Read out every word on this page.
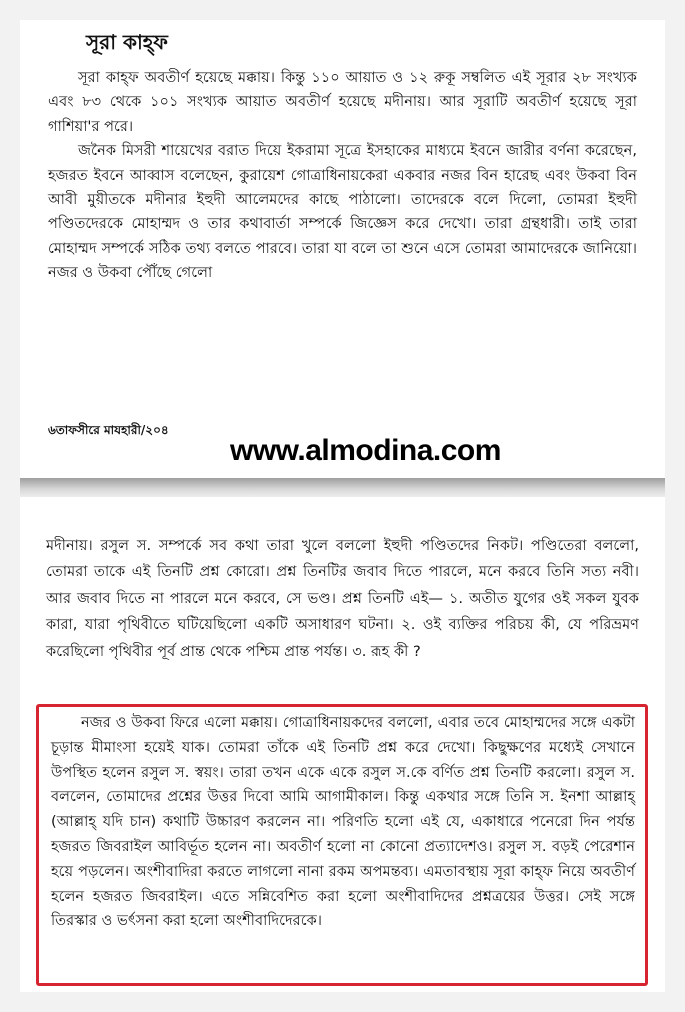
সূরা কাহ্‌ফ

সূরা কাহ্‌ফ অবতীর্ণ হয়েছে মক্কায়। কিন্তু ১১০ আয়াত ও ১২ রুকূ সম্বলিত এই সূরার ২৮ সংখ্যক এবং ৮৩ থেকে ১০১ সংখ্যক আয়াত অবতীর্ণ হয়েছে মদীনায়। আর সূরাটি অবতীর্ণ হয়েছে সূরা গাশিয়া'র পরে।

জনৈক মিসরী শায়েখের বরাত দিয়ে ইকরামা সূত্রে ইসহাকের মাধ্যমে ইবনে জারীর বর্ণনা করেছেন, হজরত ইবনে আব্বাস বলেছেন, কুরায়েশ গোত্রাধিনায়কেরা একবার নজর বিন হারেছ এবং উকবা বিন আবী মুয়ীতকে মদীনার ইহুদী আলেমদের কাছে পাঠালো। তাদেরকে বলে দিলো, তোমরা ইহুদী পণ্ডিতদেরকে মোহাম্মদ ও তার কথাবার্তা সম্পর্কে জিজ্ঞেস করে দেখো। তারা গ্রন্থধারী। তাই তারা মোহাম্মদ সম্পর্কে সঠিক তথ্য বলতে পারবে। তারা যা বলে তা শুনে এসে তোমরা আমাদেরকে জানিয়ো। নজর ও উকবা পৌঁছে গেলো

৬তাফসীরে মাযহারী/২০৪
www.almodina.com

মদীনায়। রসুল স. সম্পর্কে সব কথা তারা খুলে বললো ইহুদী পণ্ডিতদের নিকট। পণ্ডিতেরা বললো, তোমরা তাকে এই তিনটি প্রশ্ন কোরো। প্রশ্ন তিনটির জবাব দিতে পারলে, মনে করবে তিনি সত্য নবী। আর জবাব দিতে না পারলে মনে করবে, সে ভণ্ড। প্রশ্ন তিনটি এই— ১. অতীত যুগের ওই সকল যুবক কারা, যারা পৃথিবীতে ঘটিয়েছিলো একটি অসাধারণ ঘটনা। ২. ওই ব্যক্তির পরিচয় কী, যে পরিভ্রমণ করেছিলো পৃথিবীর পূর্ব প্রান্ত থেকে পশ্চিম প্রান্ত পর্যন্ত। ৩. রূহ কী ?

নজর ও উকবা ফিরে এলো মক্কায়। গোত্রাধিনায়কদের বললো, এবার তবে মোহাম্মদের সঙ্গে একটা চূড়ান্ত মীমাংসা হয়েই যাক। তোমরা তাঁকে এই তিনটি প্রশ্ন করে দেখো। কিছুক্ষণের মধ্যেই সেখানে উপস্থিত হলেন রসুল স. স্বয়ং। তারা তখন একে একে রসুল স.কে বর্ণিত প্রশ্ন তিনটি করলো। রসুল স. বললেন, তোমাদের প্রশ্নের উত্তর দিবো আমি আগামীকাল। কিন্তু একথার সঙ্গে তিনি স. ইনশা আল্লাহ্ (আল্লাহ্ যদি চান) কথাটি উচ্চারণ করলেন না। পরিণতি হলো এই যে, একাধারে পনেরো দিন পর্যন্ত হজরত জিবরাইল আবির্ভূত হলেন না। অবতীর্ণ হলো না কোনো প্রত্যাদেশও। রসুল স. বড়ই পেরেশান হয়ে পড়লেন। অংশীবাদিরা করতে লাগলো নানা রকম অপমন্তব্য। এমতাবস্থায় সূরা কাহ্‌ফ নিয়ে অবতীর্ণ হলেন হজরত জিবরাইল। এতে সন্নিবেশিত করা হলো অংশীবাদিদের প্রশ্নত্রয়ের উত্তর। সেই সঙ্গে তিরস্কার ও ভর্ৎসনা করা হলো অংশীবাদিদেরকে।
